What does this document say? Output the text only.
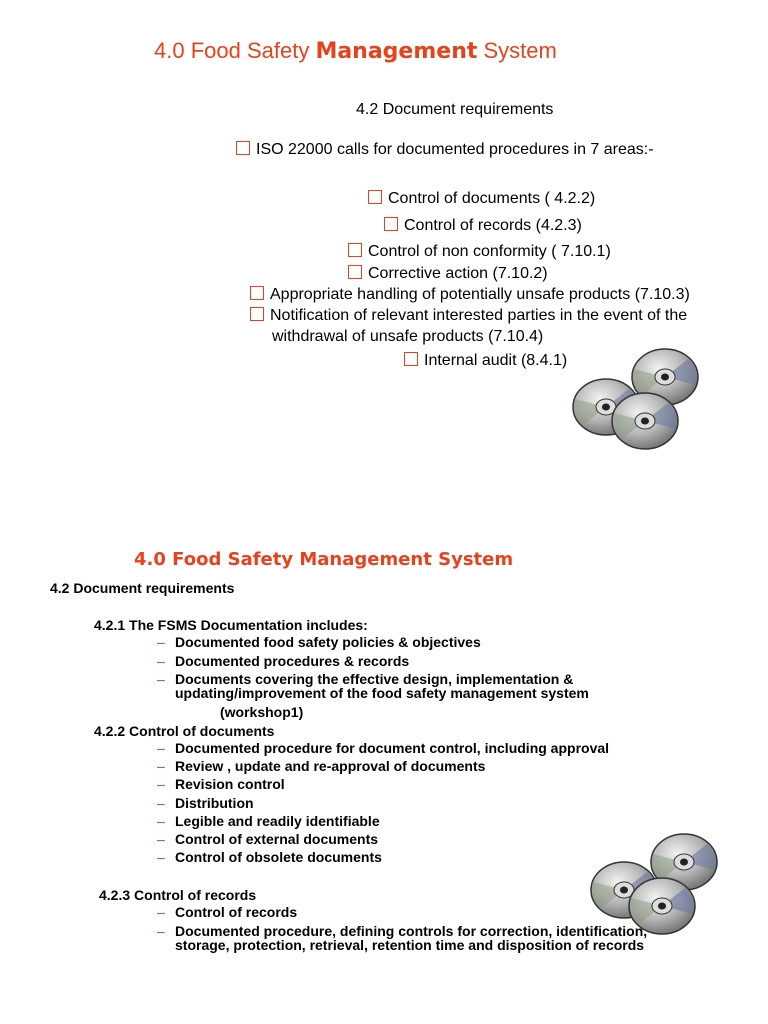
4.0 Food Safety Management System
4.2 Document requirements
ISO 22000 calls for documented procedures in 7 areas:-
Control of documents ( 4.2.2)
Control of records (4.2.3)
Control of non conformity ( 7.10.1)
Corrective action (7.10.2)
Appropriate handling of potentially unsafe products (7.10.3)
Notification of relevant interested parties in the event of the
withdrawal of unsafe products (7.10.4)
Internal audit (8.4.1)
4.0 Food Safety Management System
4.2 Document requirements
4.2.1 The FSMS Documentation includes:
– Documented food safety policies & objectives
– Documented procedures & records
– Documents covering the effective design, implementation &
updating/improvement of the food safety management system
(workshop1)
4.2.2 Control of documents
– Documented procedure for document control, including approval
– Review , update and re-approval of documents
– Revision control
– Distribution
– Legible and readily identifiable
– Control of external documents
– Control of obsolete documents
4.2.3 Control of records
– Control of records
– Documented procedure, defining controls for correction, identification,
storage, protection, retrieval, retention time and disposition of records
